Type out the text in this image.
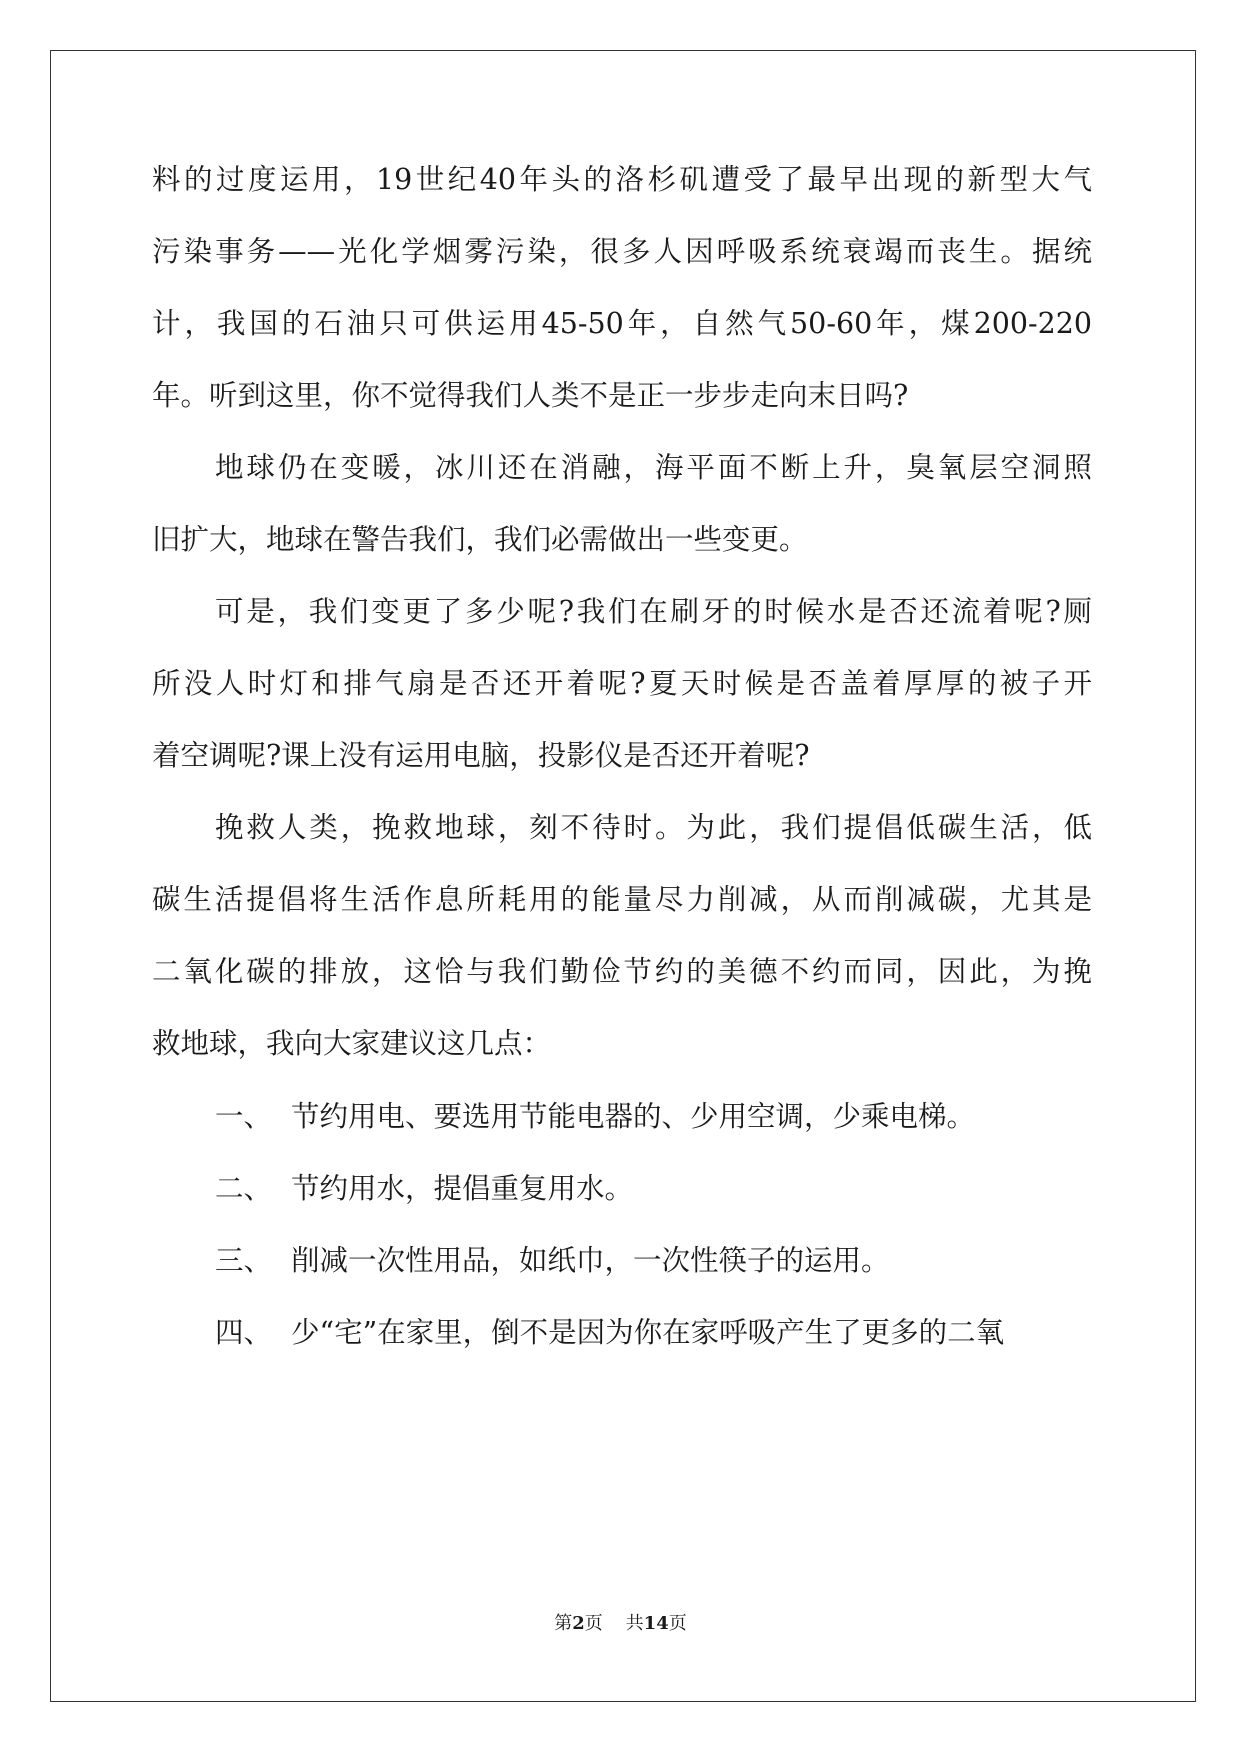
料的过度运用，19世纪40年头的洛杉矶遭受了最早出现的新型大气
污染事务——光化学烟雾污染，很多人因呼吸系统衰竭而丧生。据统
计，我国的石油只可供运用45-50年，自然气50-60年，煤200-220
年。听到这里，你不觉得我们人类不是正一步步走向末日吗?
地球仍在变暖，冰川还在消融，海平面不断上升，臭氧层空洞照
旧扩大，地球在警告我们，我们必需做出一些变更。
可是，我们变更了多少呢?我们在刷牙的时候水是否还流着呢?厕
所没人时灯和排气扇是否还开着呢?夏天时候是否盖着厚厚的被子开
着空调呢?课上没有运用电脑，投影仪是否还开着呢?
挽救人类，挽救地球，刻不待时。为此，我们提倡低碳生活，低
碳生活提倡将生活作息所耗用的能量尽力削减，从而削减碳，尤其是
二氧化碳的排放，这恰与我们勤俭节约的美德不约而同，因此，为挽
救地球，我向大家建议这几点：
一、 节约用电、要选用节能电器的、少用空调，少乘电梯。
二、 节约用水，提倡重复用水。
三、 削减一次性用品，如纸巾，一次性筷子的运用。
四、 少“宅”在家里，倒不是因为你在家呼吸产生了更多的二氧
第2页 共14页
